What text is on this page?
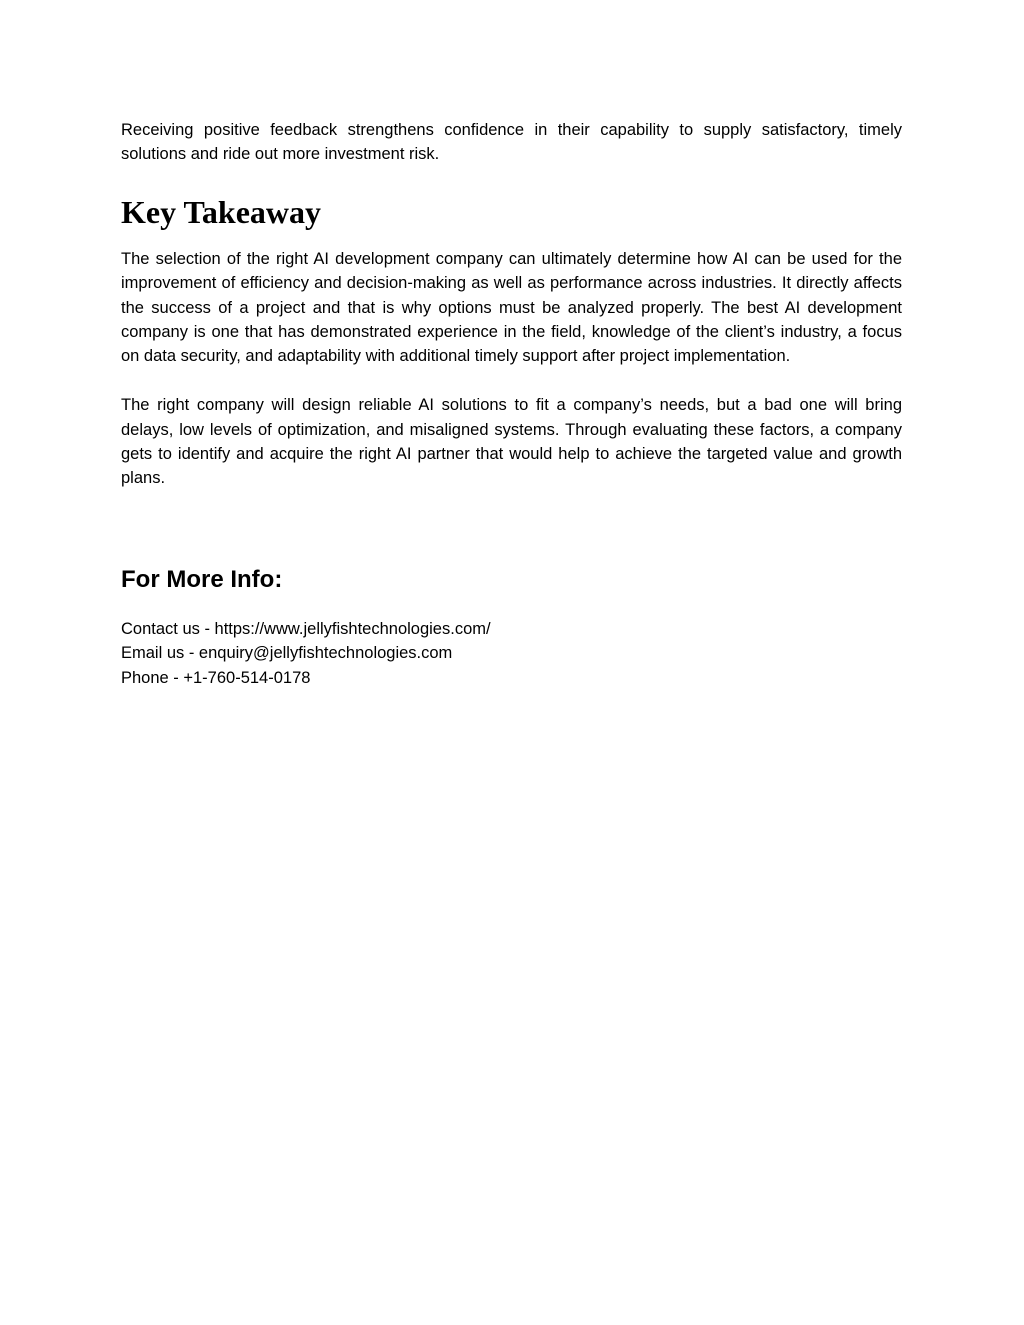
Receiving positive feedback strengthens confidence in their capability to supply satisfactory, timely solutions and ride out more investment risk.

Key Takeaway

The selection of the right AI development company can ultimately determine how AI can be used for the improvement of efficiency and decision-making as well as performance across industries. It directly affects the success of a project and that is why options must be analyzed properly. The best AI development company is one that has demonstrated experience in the field, knowledge of the client’s industry, a focus on data security, and adaptability with additional timely support after project implementation.

The right company will design reliable AI solutions to fit a company’s needs, but a bad one will bring delays, low levels of optimization, and misaligned systems. Through evaluating these factors, a company gets to identify and acquire the right AI partner that would help to achieve the targeted value and growth plans.

For More Info:

Contact us - https://www.jellyfishtechnologies.com/

Email us - enquiry@jellyfishtechnologies.com

Phone - +1-760-514-0178
